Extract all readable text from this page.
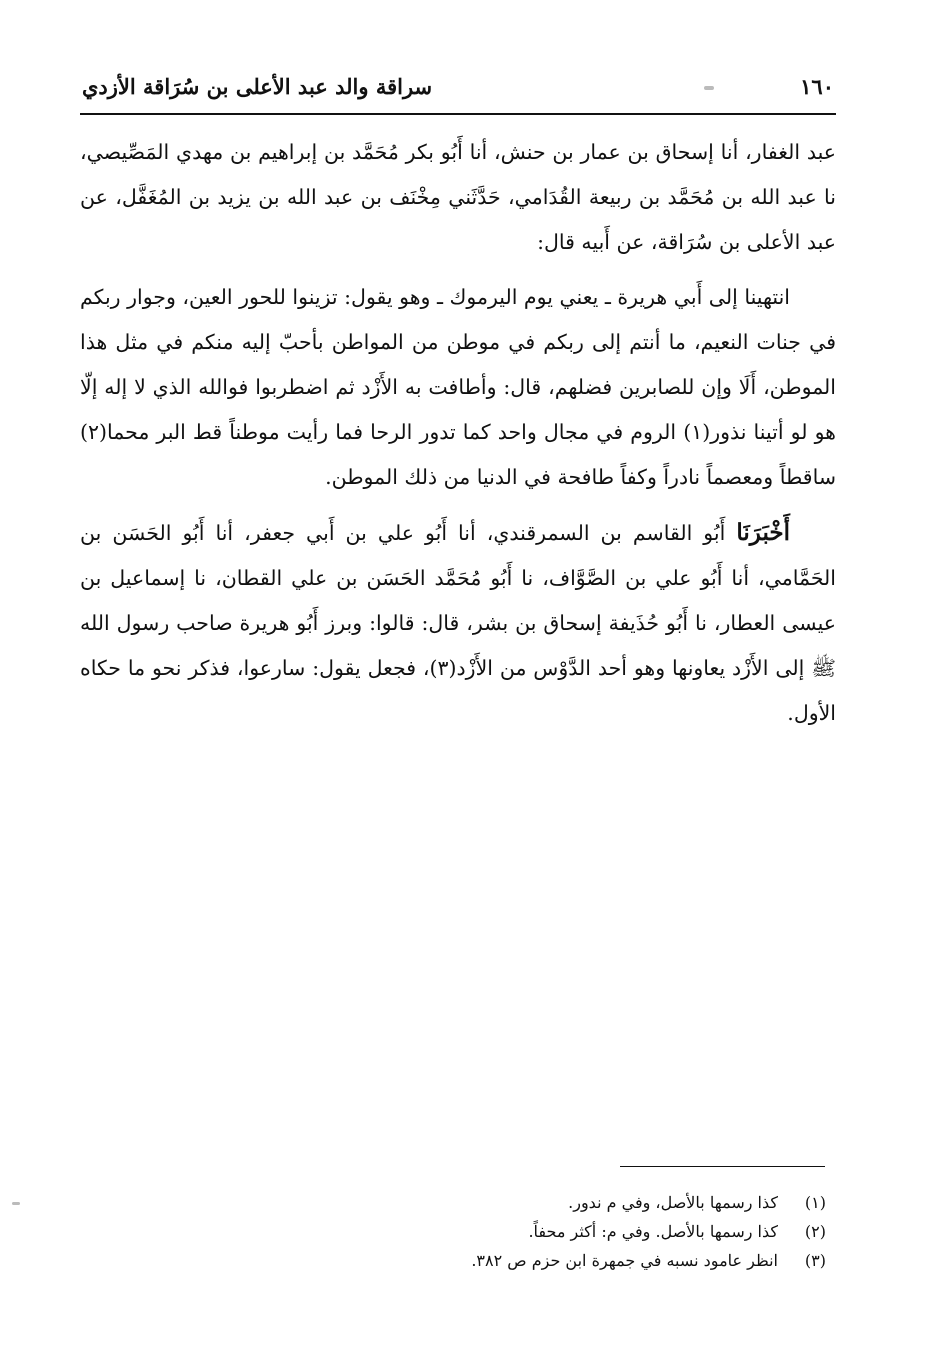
١٦٠
سراقة والد عبد الأعلى بن سُرَاقة الأزدي

عبد الغفار، أنا إسحاق بن عمار بن حنش، أنا أَبُو بكر مُحَمَّد بن إبراهيم بن مهدي المَصِّيصي، نا عبد الله بن مُحَمَّد بن ربيعة القُدَامي، حَدَّثَني مِخْنَف بن عبد الله بن يزيد بن المُغَفَّل، عن عبد الأعلى بن سُرَاقة، عن أَبيه قال:

انتهينا إلى أَبي هريرة ـ يعني يوم اليرموك ـ وهو يقول: تزينوا للحور العين، وجوار ربكم في جنات النعيم، ما أنتم إلى ربكم في موطن من المواطن بأحبّ إليه منكم في مثل هذا الموطن، أَلَا وإن للصابرين فضلهم، قال: وأطافت به الأَزْد ثم اضطربوا فوالله الذي لا إله إلّا هو لو أتينا نذور(١) الروم في مجال واحد كما تدور الرحا فما رأيت موطناً قط البر محما(٢) ساقطاً ومعصماً نادراً وكفاً طافحة في الدنيا من ذلك الموطن.

أَخْبَرَنَا أَبُو القاسم بن السمرقندي، أنا أَبُو علي بن أَبي جعفر، أنا أَبُو الحَسَن بن الحَمَّامي، أنا أَبُو علي بن الصَّوَّاف، نا أَبُو مُحَمَّد الحَسَن بن علي القطان، نا إسماعيل بن عيسى العطار، نا أَبُو حُذَيفة إسحاق بن بشر، قال: قالوا: وبرز أَبُو هريرة صاحب رسول الله ﷺ إلى الأَزْد يعاونها وهو أحد الدَّوْس من الأَزْد(٣)، فجعل يقول: سارعوا، فذكر نحو ما حكاه الأول.

(١)
كذا رسمها بالأصل، وفي م ندور.
(٢)
كذا رسمها بالأصل. وفي م: أكثر محفاً.
(٣)
انظر عامود نسبه في جمهرة ابن حزم ص ٣٨٢.
